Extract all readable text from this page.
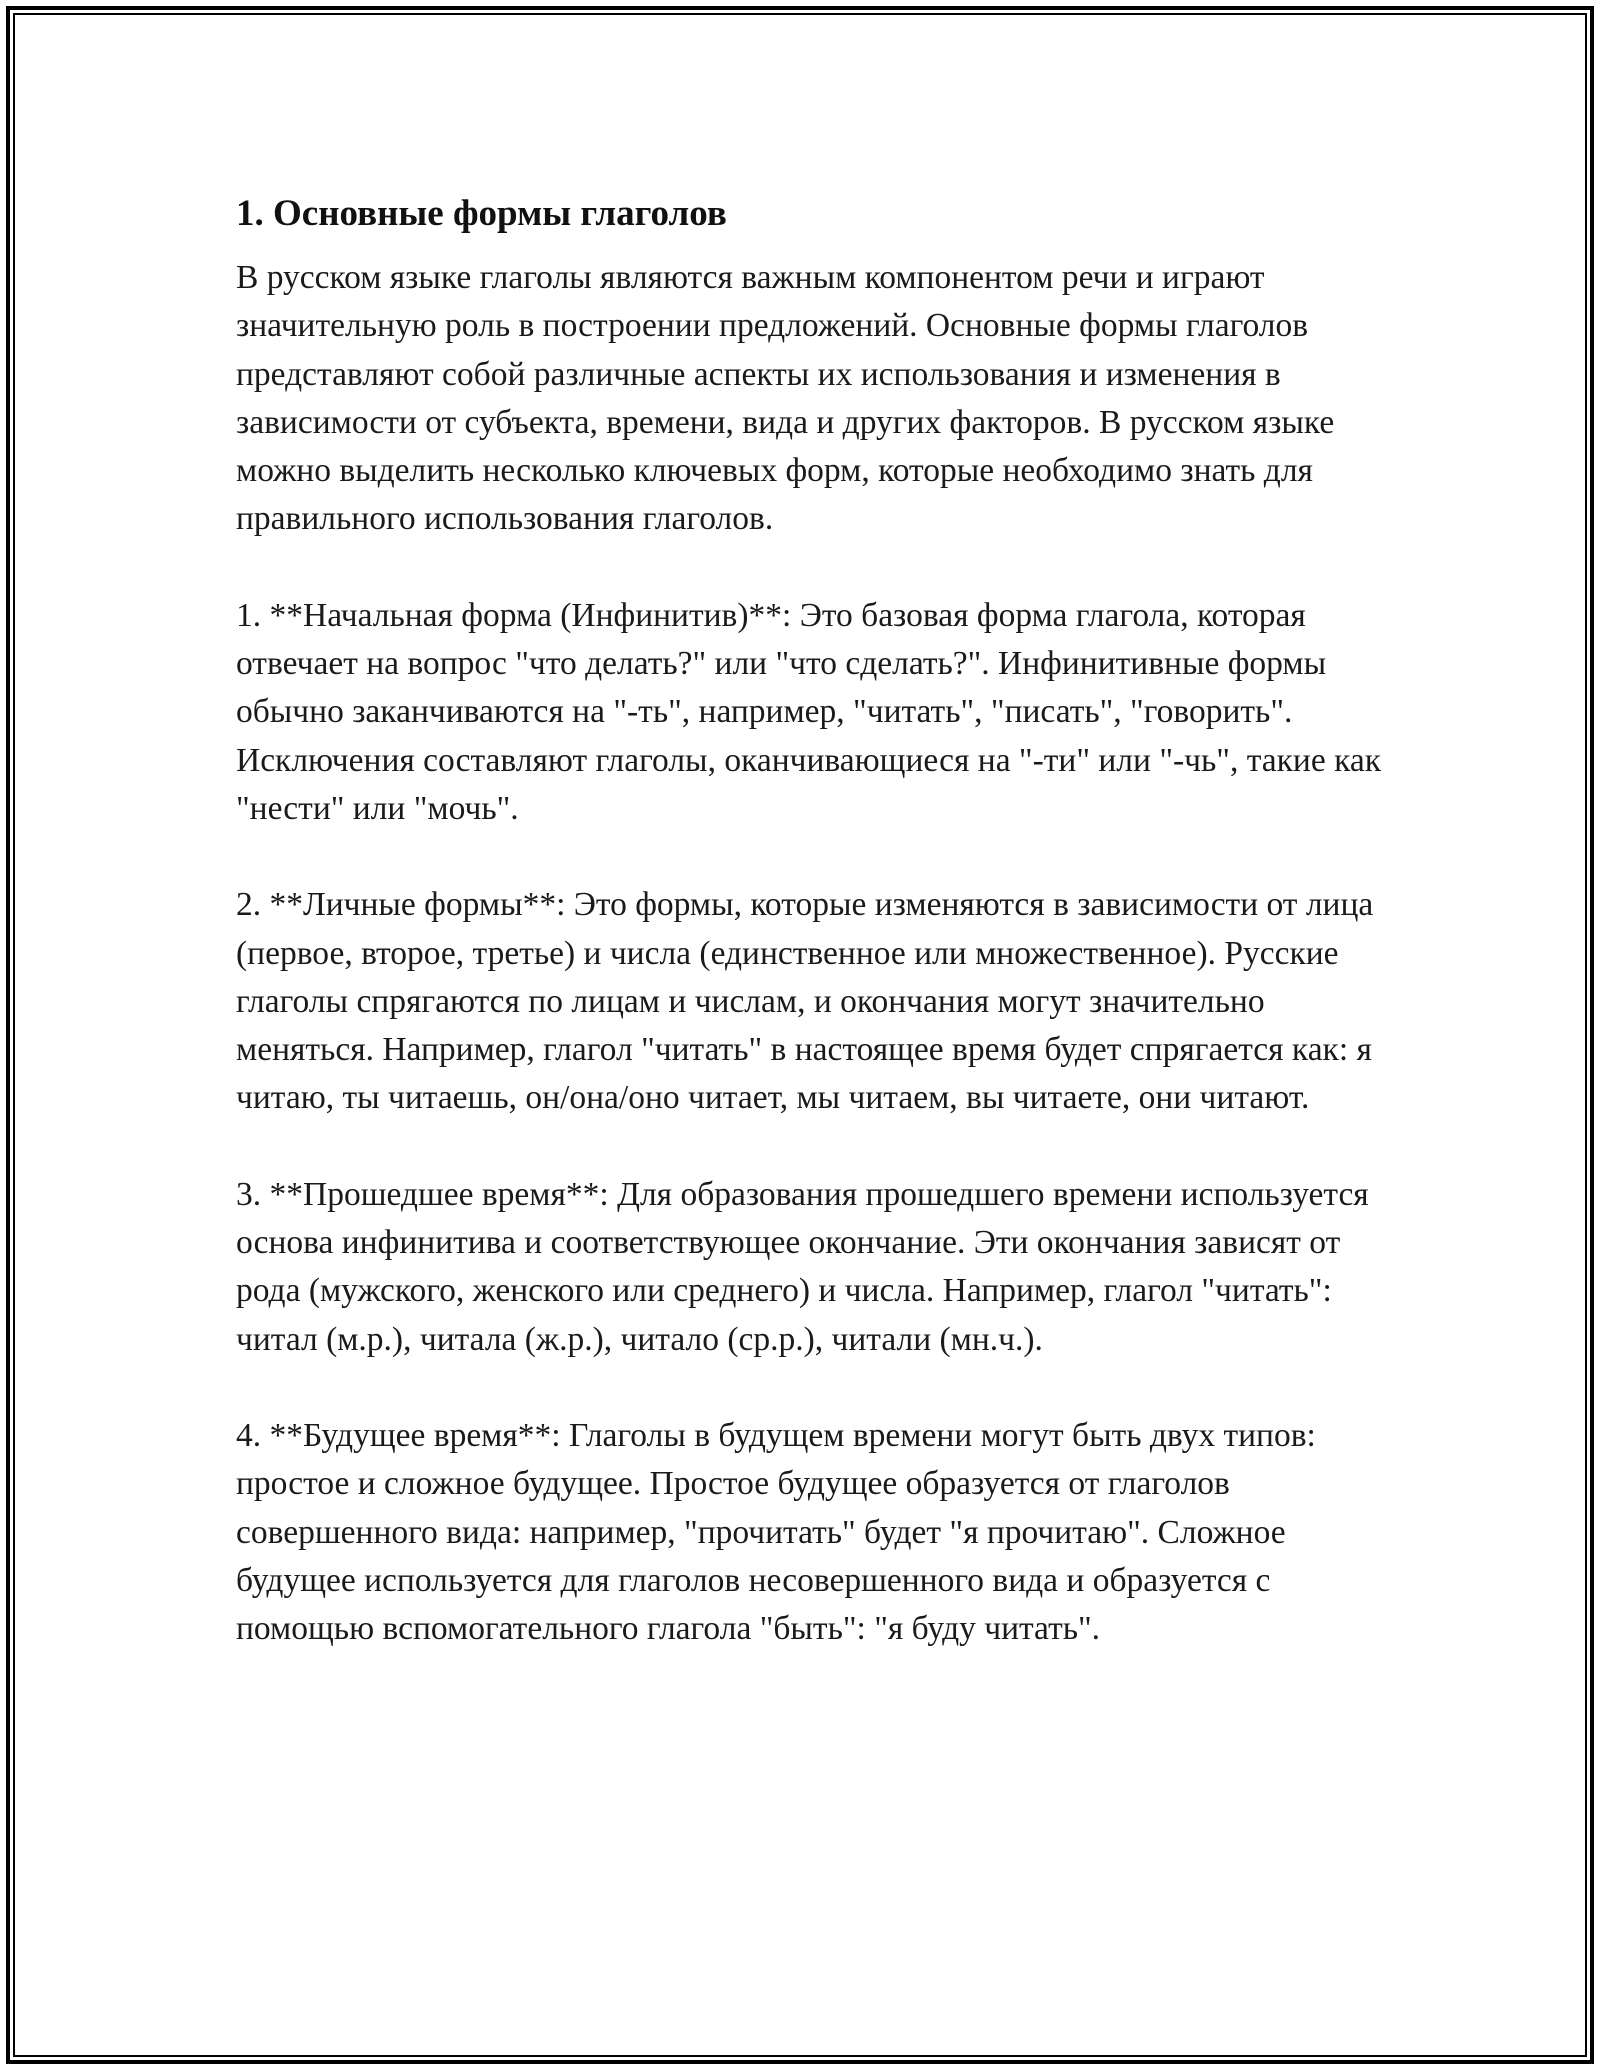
1. Основные формы глаголов

В русском языке глаголы являются важным компонентом речи и играют значительную роль в построении предложений. Основные формы глаголов представляют собой различные аспекты их использования и изменения в зависимости от субъекта, времени, вида и других факторов. В русском языке можно выделить несколько ключевых форм, которые необходимо знать для правильного использования глаголов.

1. **Начальная форма (Инфинитив)**: Это базовая форма глагола, которая отвечает на вопрос "что делать?" или "что сделать?". Инфинитивные формы обычно заканчиваются на "-ть", например, "читать", "писать", "говорить". Исключения составляют глаголы, оканчивающиеся на "-ти" или "-чь", такие как "нести" или "мочь".

2. **Личные формы**: Это формы, которые изменяются в зависимости от лица (первое, второе, третье) и числа (единственное или множественное). Русские глаголы спрягаются по лицам и числам, и окончания могут значительно меняться. Например, глагол "читать" в настоящее время будет спрягается как: я читаю, ты читаешь, он/она/оно читает, мы читаем, вы читаете, они читают.

3. **Прошедшее время**: Для образования прошедшего времени используется основа инфинитива и соответствующее окончание. Эти окончания зависят от рода (мужского, женского или среднего) и числа. Например, глагол "читать": читал (м.р.), читала (ж.р.), читало (ср.р.), читали (мн.ч.).

4. **Будущее время**: Глаголы в будущем времени могут быть двух типов: простое и сложное будущее. Простое будущее образуется от глаголов совершенного вида: например, "прочитать" будет "я прочитаю". Сложное будущее используется для глаголов несовершенного вида и образуется с помощью вспомогательного глагола "быть": "я буду читать".
